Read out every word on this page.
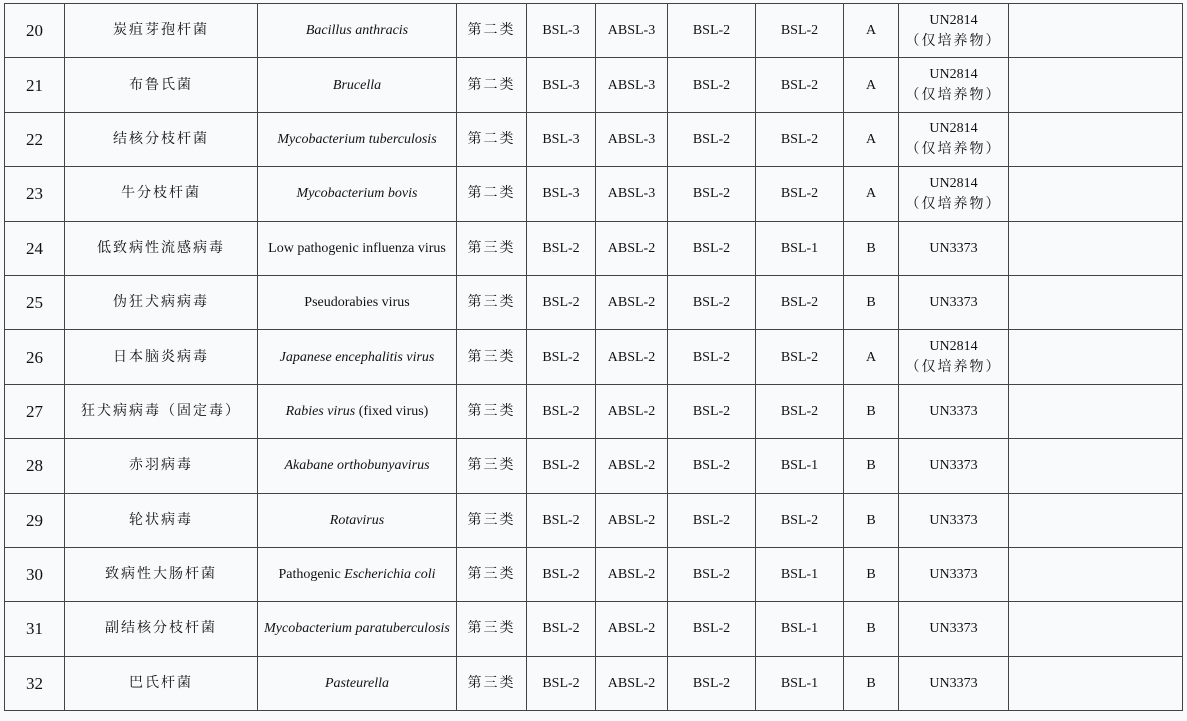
20	炭疽芽孢杆菌	Bacillus anthracis	第二类	BSL-3	ABSL-3	BSL-2	BSL-2	A	UN2814
（仅培养物）	
21	布鲁氏菌	Brucella	第二类	BSL-3	ABSL-3	BSL-2	BSL-2	A	UN2814
（仅培养物）	
22	结核分枝杆菌	Mycobacterium tuberculosis	第二类	BSL-3	ABSL-3	BSL-2	BSL-2	A	UN2814
（仅培养物）	
23	牛分枝杆菌	Mycobacterium bovis	第二类	BSL-3	ABSL-3	BSL-2	BSL-2	A	UN2814
（仅培养物）	
24	低致病性流感病毒	Low pathogenic influenza virus	第三类	BSL-2	ABSL-2	BSL-2	BSL-1	B	UN3373	
25	伪狂犬病病毒	Pseudorabies virus	第三类	BSL-2	ABSL-2	BSL-2	BSL-2	B	UN3373	
26	日本脑炎病毒	Japanese encephalitis virus	第三类	BSL-2	ABSL-2	BSL-2	BSL-2	A	UN2814
（仅培养物）	
27	狂犬病病毒（固定毒）	Rabies virus (fixed virus)	第三类	BSL-2	ABSL-2	BSL-2	BSL-2	B	UN3373	
28	赤羽病毒	Akabane orthobunyavirus	第三类	BSL-2	ABSL-2	BSL-2	BSL-1	B	UN3373	
29	轮状病毒	Rotavirus	第三类	BSL-2	ABSL-2	BSL-2	BSL-2	B	UN3373	
30	致病性大肠杆菌	Pathogenic Escherichia coli	第三类	BSL-2	ABSL-2	BSL-2	BSL-1	B	UN3373	
31	副结核分枝杆菌	Mycobacterium paratuberculosis	第三类	BSL-2	ABSL-2	BSL-2	BSL-1	B	UN3373	
32	巴氏杆菌	Pasteurella	第三类	BSL-2	ABSL-2	BSL-2	BSL-1	B	UN3373	
